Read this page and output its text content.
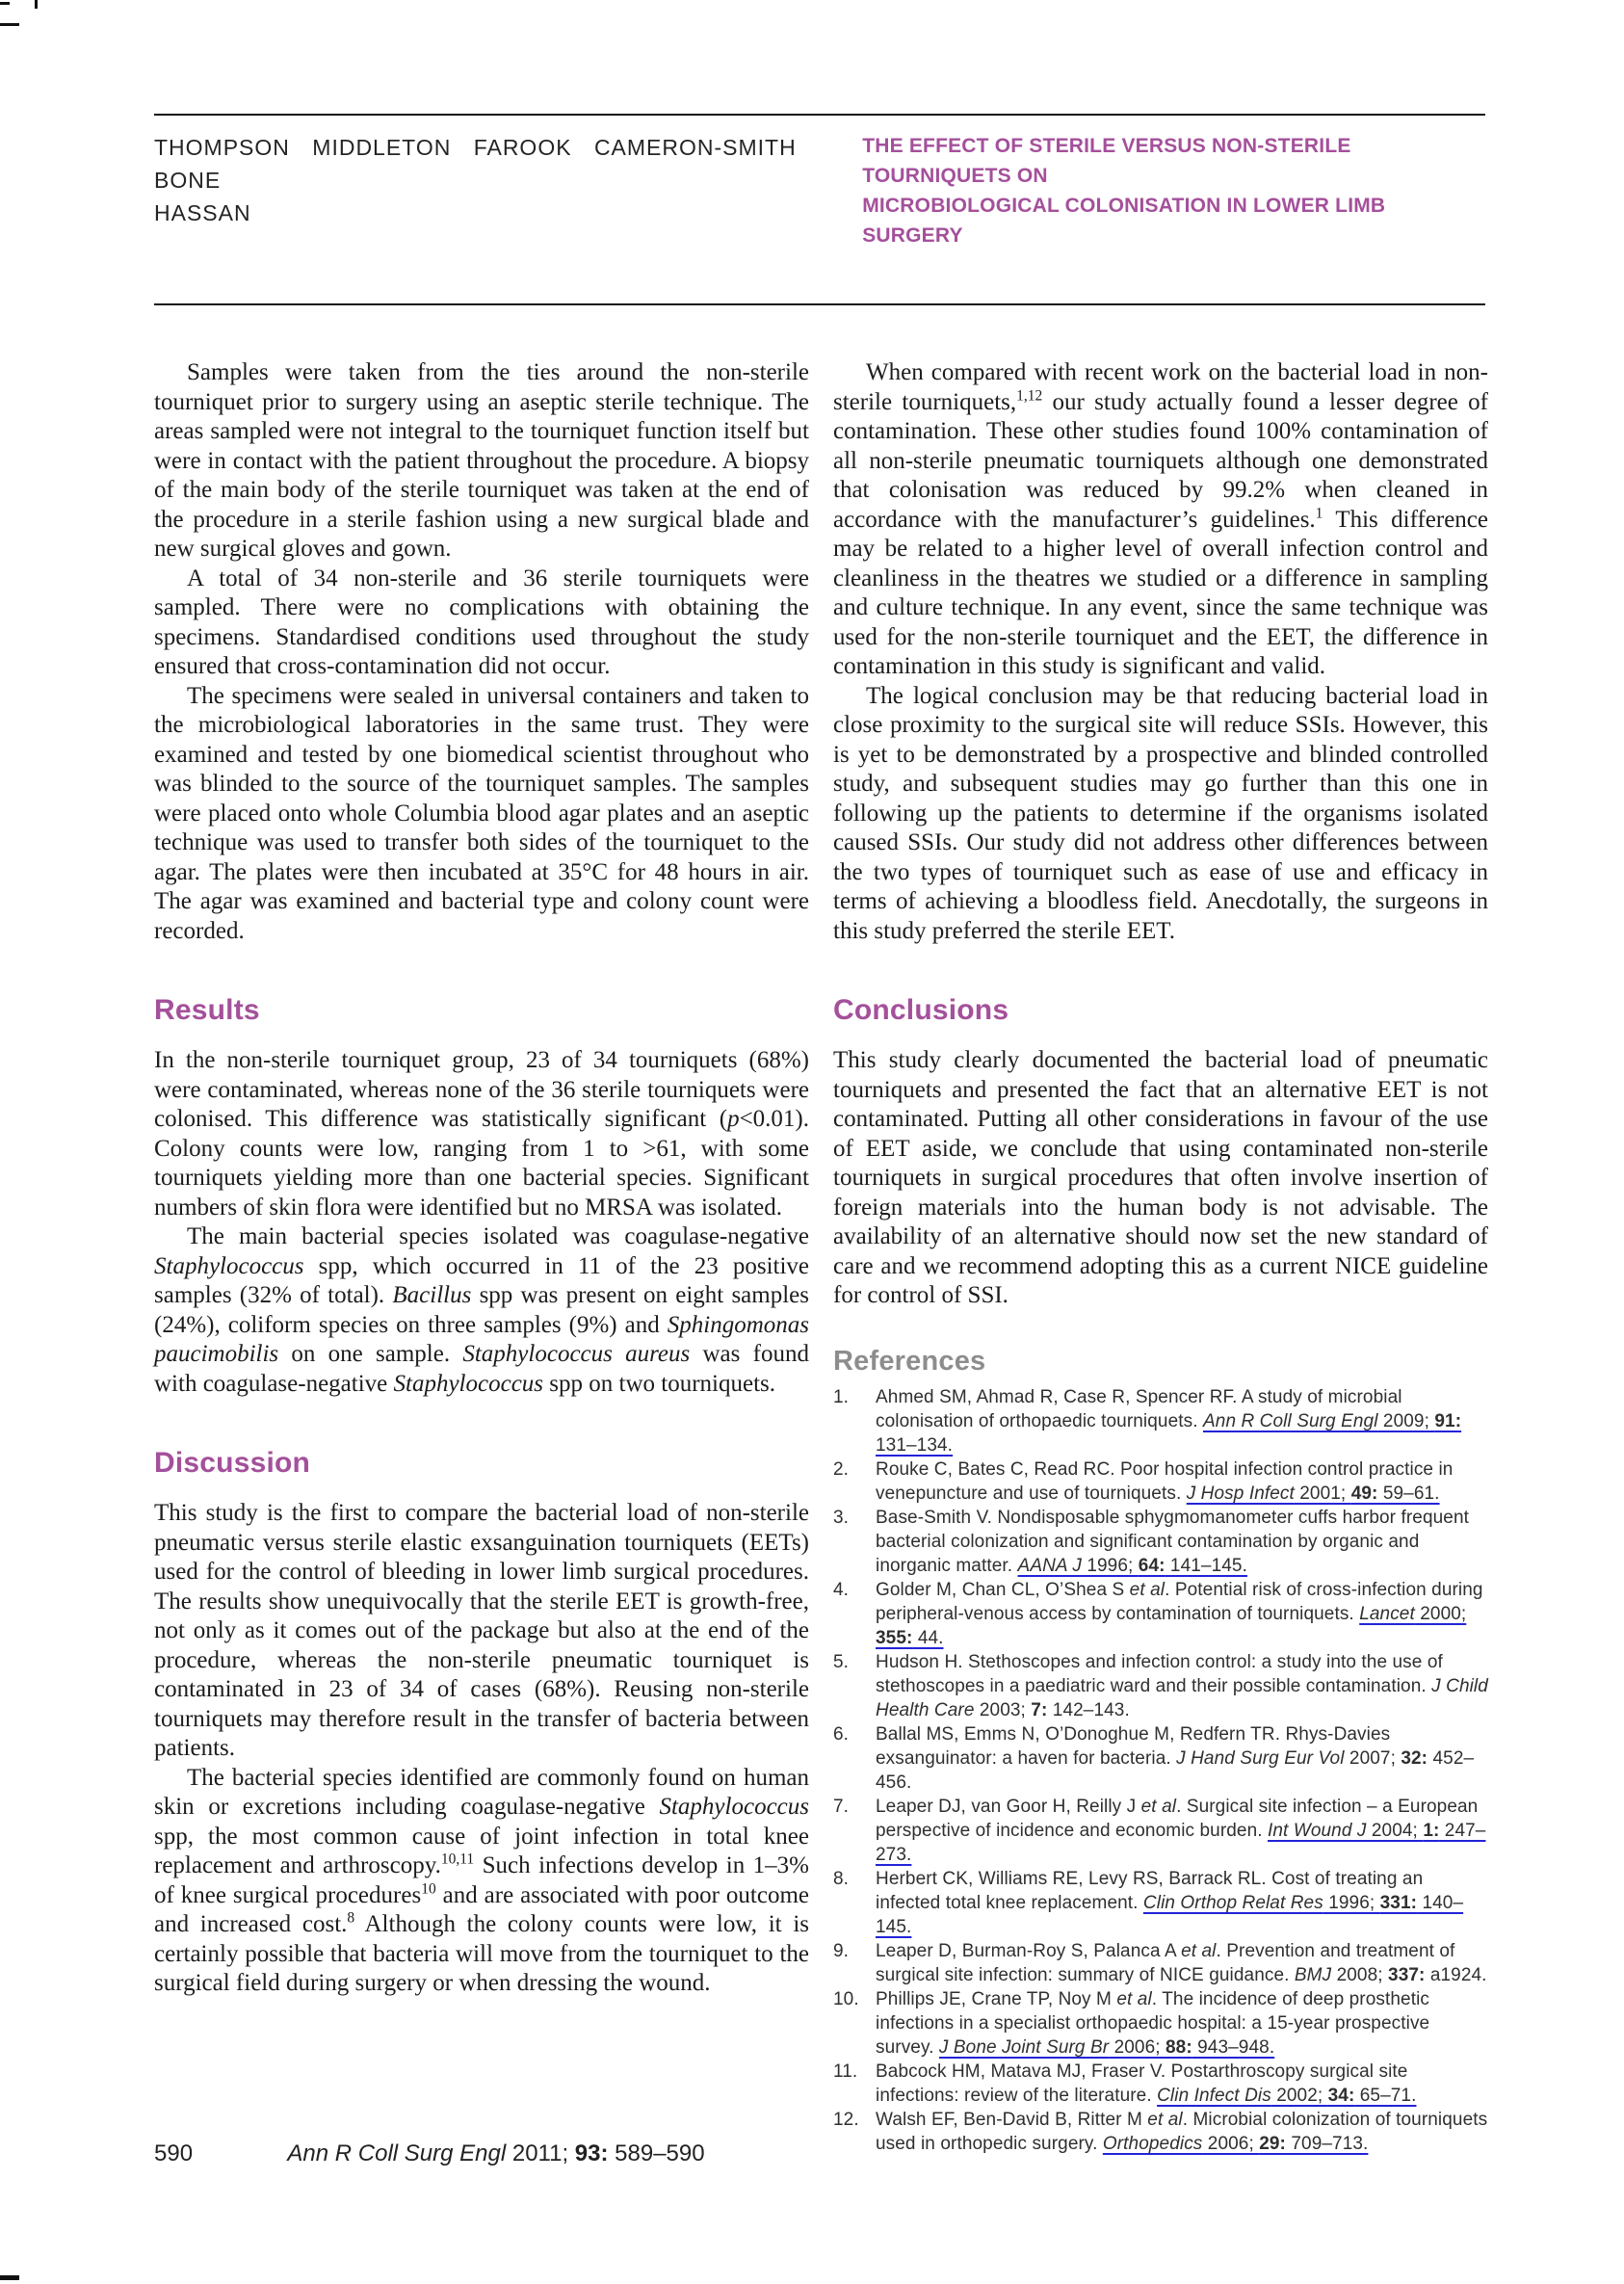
THOMPSON MIDDLETON FAROOK CAMERON-SMITH BONE
HASSAN
THE EFFECT OF STERILE VERSUS NON-STERILE TOURNIQUETS ON
MICROBIOLOGICAL COLONISATION IN LOWER LIMB SURGERY

Samples were taken from the ties around the non-sterile tourniquet prior to surgery using an aseptic sterile technique. The areas sampled were not integral to the tourniquet function itself but were in contact with the patient throughout the procedure. A biopsy of the main body of the sterile tourniquet was taken at the end of the procedure in a sterile fashion using a new surgical blade and new surgical gloves and gown.

A total of 34 non-sterile and 36 sterile tourniquets were sampled. There were no complications with obtaining the specimens. Standardised conditions used throughout the study ensured that cross-contamination did not occur.

The specimens were sealed in universal containers and taken to the microbiological laboratories in the same trust. They were examined and tested by one biomedical scientist throughout who was blinded to the source of the tourniquet samples. The samples were placed onto whole Columbia blood agar plates and an aseptic technique was used to transfer both sides of the tourniquet to the agar. The plates were then incubated at 35°C for 48 hours in air. The agar was examined and bacterial type and colony count were recorded.

Results

In the non-sterile tourniquet group, 23 of 34 tourniquets (68%) were contaminated, whereas none of the 36 sterile tourniquets were colonised. This difference was statistically significant (p<0.01). Colony counts were low, ranging from 1 to >61, with some tourniquets yielding more than one bacterial species. Significant numbers of skin flora were identified but no MRSA was isolated.

The main bacterial species isolated was coagulase-negative Staphylococcus spp, which occurred in 11 of the 23 positive samples (32% of total). Bacillus spp was present on eight samples (24%), coliform species on three samples (9%) and Sphingomonas paucimobilis on one sample. Staphylococcus aureus was found with coagulase-negative Staphylococcus spp on two tourniquets.

Discussion

This study is the first to compare the bacterial load of non-sterile pneumatic versus sterile elastic exsanguination tourniquets (EETs) used for the control of bleeding in lower limb surgical procedures. The results show unequivocally that the sterile EET is growth-free, not only as it comes out of the package but also at the end of the procedure, whereas the non-sterile pneumatic tourniquet is contaminated in 23 of 34 of cases (68%). Reusing non-sterile tourniquets may therefore result in the transfer of bacteria between patients.

The bacterial species identified are commonly found on human skin or excretions including coagulase-negative Staphylococcus spp, the most common cause of joint infection in total knee replacement and arthroscopy.$^{10,11}$ Such infections develop in 1–3% of knee surgical procedures$^{10}$ and are associated with poor outcome and increased cost.$^8$ Although the colony counts were low, it is certainly possible that bacteria will move from the tourniquet to the surgical field during surgery or when dressing the wound.

When compared with recent work on the bacterial load in non-sterile tourniquets,$^{1,12}$ our study actually found a lesser degree of contamination. These other studies found 100% contamination of all non-sterile pneumatic tourniquets although one demonstrated that colonisation was reduced by 99.2% when cleaned in accordance with the manufacturer’s guidelines.$^1$ This difference may be related to a higher level of overall infection control and cleanliness in the theatres we studied or a difference in sampling and culture technique. In any event, since the same technique was used for the non-sterile tourniquet and the EET, the difference in contamination in this study is significant and valid.

The logical conclusion may be that reducing bacterial load in close proximity to the surgical site will reduce SSIs. However, this is yet to be demonstrated by a prospective and blinded controlled study, and subsequent studies may go further than this one in following up the patients to determine if the organisms isolated caused SSIs. Our study did not address other differences between the two types of tourniquet such as ease of use and efficacy in terms of achieving a bloodless field. Anecdotally, the surgeons in this study preferred the sterile EET.

Conclusions

This study clearly documented the bacterial load of pneumatic tourniquets and presented the fact that an alternative EET is not contaminated. Putting all other considerations in favour of the use of EET aside, we conclude that using contaminated non-sterile tourniquets in surgical procedures that often involve insertion of foreign materials into the human body is not advisable. The availability of an alternative should now set the new standard of care and we recommend adopting this as a current NICE guideline for control of SSI.

References
1. Ahmed SM, Ahmad R, Case R, Spencer RF. A study of microbial colonisation of orthopaedic tourniquets. Ann R Coll Surg Engl 2009; 91: 131–134.
2. Rouke C, Bates C, Read RC. Poor hospital infection control practice in venepuncture and use of tourniquets. J Hosp Infect 2001; 49: 59–61.
3. Base-Smith V. Nondisposable sphygmomanometer cuffs harbor frequent bacterial colonization and significant contamination by organic and inorganic matter. AANA J 1996; 64: 141–145.
4. Golder M, Chan CL, O’Shea S et al. Potential risk of cross-infection during peripheral-venous access by contamination of tourniquets. Lancet 2000; 355: 44.
5. Hudson H. Stethoscopes and infection control: a study into the use of stethoscopes in a paediatric ward and their possible contamination. J Child Health Care 2003; 7: 142–143.
6. Ballal MS, Emms N, O’Donoghue M, Redfern TR. Rhys-Davies exsanguinator: a haven for bacteria. J Hand Surg Eur Vol 2007; 32: 452–456.
7. Leaper DJ, van Goor H, Reilly J et al. Surgical site infection – a European perspective of incidence and economic burden. Int Wound J 2004; 1: 247–273.
8. Herbert CK, Williams RE, Levy RS, Barrack RL. Cost of treating an infected total knee replacement. Clin Orthop Relat Res 1996; 331: 140–145.
9. Leaper D, Burman-Roy S, Palanca A et al. Prevention and treatment of surgical site infection: summary of NICE guidance. BMJ 2008; 337: a1924.
10. Phillips JE, Crane TP, Noy M et al. The incidence of deep prosthetic infections in a specialist orthopaedic hospital: a 15-year prospective survey. J Bone Joint Surg Br 2006; 88: 943–948.
11. Babcock HM, Matava MJ, Fraser V. Postarthroscopy surgical site infections: review of the literature. Clin Infect Dis 2002; 34: 65–71.
12. Walsh EF, Ben-David B, Ritter M et al. Microbial colonization of tourniquets used in orthopedic surgery. Orthopedics 2006; 29: 709–713.
590	Ann R Coll Surg Engl 2011; 93: 589–590
